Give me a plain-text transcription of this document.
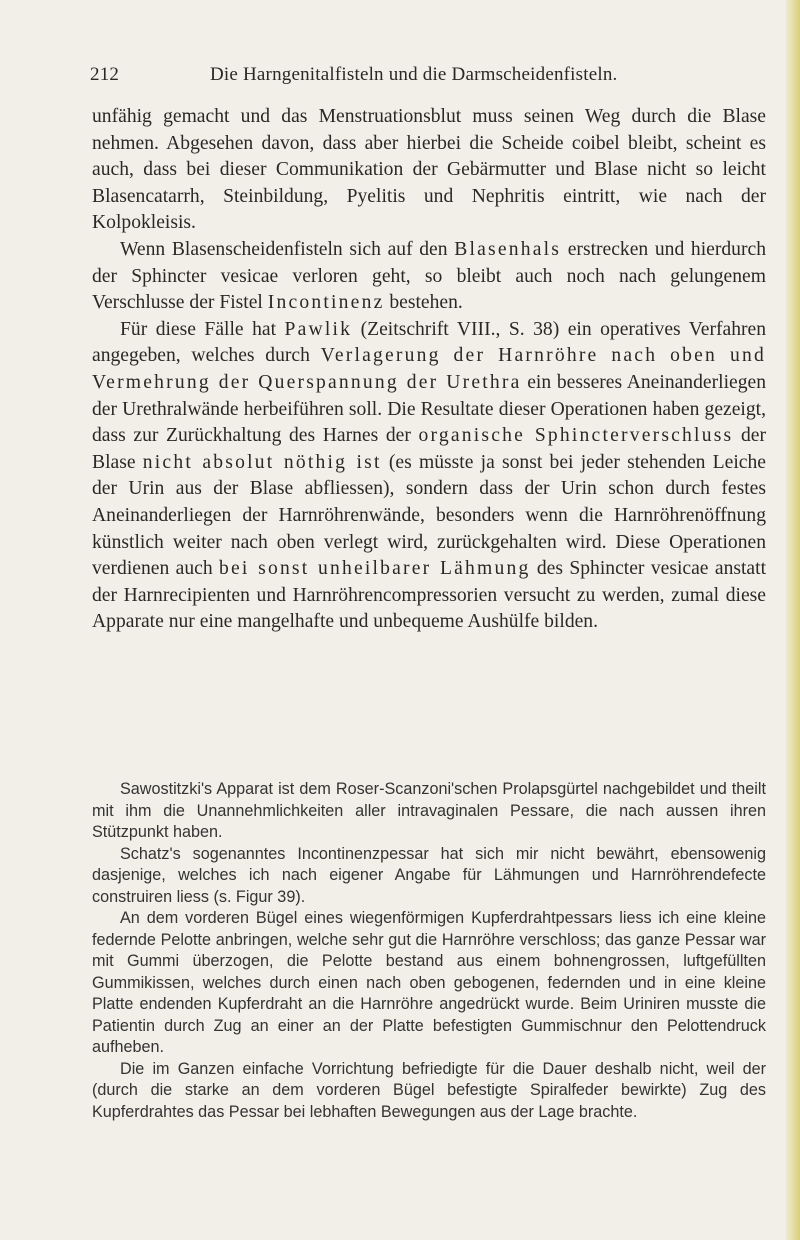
212	Die Harngenitalfisteln und die Darmscheidenfisteln.

unfähig gemacht und das Menstruationsblut muss seinen Weg durch die Blase nehmen. Abgesehen davon, dass aber hierbei die Scheide coibel bleibt, scheint es auch, dass bei dieser Communikation der Gebärmutter und Blase nicht so leicht Blasencatarrh, Steinbildung, Pyelitis und Nephritis eintritt, wie nach der Kolpokleisis.

Wenn Blasenscheidenfisteln sich auf den Blasenhals erstrecken und hierdurch der Sphincter vesicae verloren geht, so bleibt auch noch nach gelungenem Verschlusse der Fistel Incontinenz bestehen.

Für diese Fälle hat Pawlik (Zeitschrift VIII., S. 38) ein operatives Verfahren angegeben, welches durch Verlagerung der Harnröhre nach oben und Vermehrung der Querspannung der Urethra ein besseres Aneinanderliegen der Urethralwände herbeiführen soll. Die Resultate dieser Operationen haben gezeigt, dass zur Zurückhaltung des Harnes der organische Sphincterverschluss der Blase nicht absolut nöthig ist (es müsste ja sonst bei jeder stehenden Leiche der Urin aus der Blase abfliessen), sondern dass der Urin schon durch festes Aneinanderliegen der Harnröhrenwände, besonders wenn die Harnröhrenöffnung künstlich weiter nach oben verlegt wird, zurückgehalten wird. Diese Operationen verdienen auch bei sonst unheilbarer Lähmung des Sphincter vesicae anstatt der Harnrecipienten und Harnröhrencompressorien versucht zu werden, zumal diese Apparate nur eine mangelhafte und unbequeme Aushülfe bilden.

Sawostitzki's Apparat ist dem Roser-Scanzoni'schen Prolapsgürtel nachgebildet und theilt mit ihm die Unannehmlichkeiten aller intravaginalen Pessare, die nach aussen ihren Stützpunkt haben.

Schatz's sogenanntes Incontinenzpessar hat sich mir nicht bewährt, ebensowenig dasjenige, welches ich nach eigener Angabe für Lähmungen und Harnröhrendefecte construiren liess (s. Figur 39).

An dem vorderen Bügel eines wiegenförmigen Kupferdrahtpessars liess ich eine kleine federnde Pelotte anbringen, welche sehr gut die Harnröhre verschloss; das ganze Pessar war mit Gummi überzogen, die Pelotte bestand aus einem bohnengrossen, luftgefüllten Gummikissen, welches durch einen nach oben gebogenen, federnden und in eine kleine Platte endenden Kupferdraht an die Harnröhre angedrückt wurde. Beim Uriniren musste die Patientin durch Zug an einer an der Platte befestigten Gummischnur den Pelottendruck aufheben.

Die im Ganzen einfache Vorrichtung befriedigte für die Dauer deshalb nicht, weil der (durch die starke an dem vorderen Bügel befestigte Spiralfeder bewirkte) Zug des Kupferdrahtes das Pessar bei lebhaften Bewegungen aus der Lage brachte.
